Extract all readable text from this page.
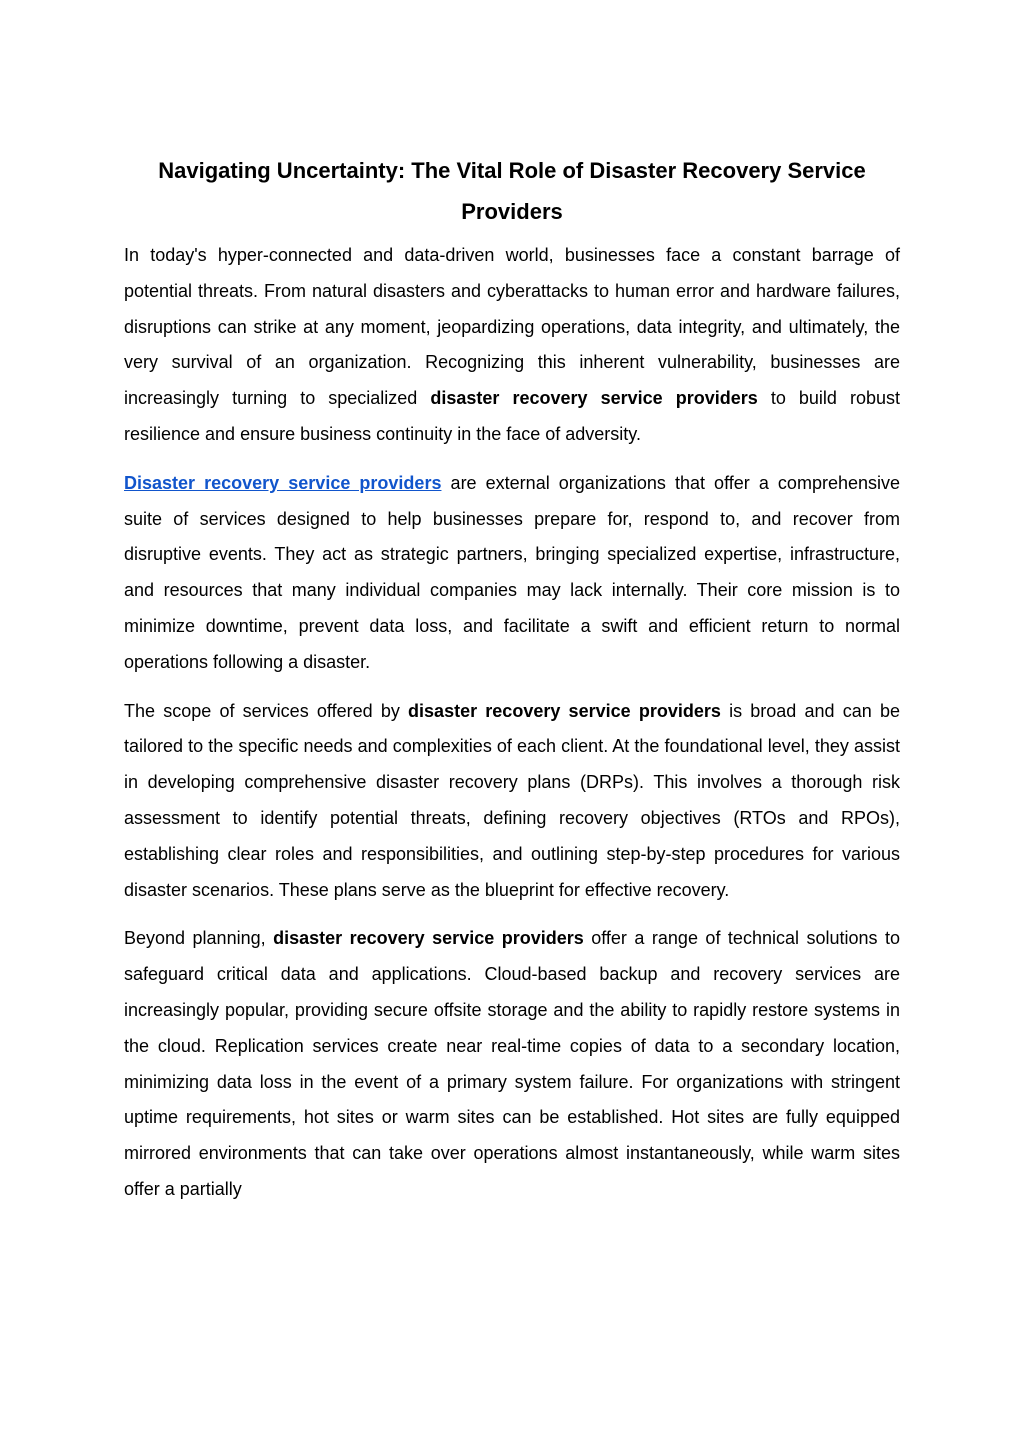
Navigating Uncertainty: The Vital Role of Disaster Recovery Service Providers

In today's hyper-connected and data-driven world, businesses face a constant barrage of potential threats. From natural disasters and cyberattacks to human error and hardware failures, disruptions can strike at any moment, jeopardizing operations, data integrity, and ultimately, the very survival of an organization. Recognizing this inherent vulnerability, businesses are increasingly turning to specialized disaster recovery service providers to build robust resilience and ensure business continuity in the face of adversity.

Disaster recovery service providers are external organizations that offer a comprehensive suite of services designed to help businesses prepare for, respond to, and recover from disruptive events. They act as strategic partners, bringing specialized expertise, infrastructure, and resources that many individual companies may lack internally. Their core mission is to minimize downtime, prevent data loss, and facilitate a swift and efficient return to normal operations following a disaster.

The scope of services offered by disaster recovery service providers is broad and can be tailored to the specific needs and complexities of each client. At the foundational level, they assist in developing comprehensive disaster recovery plans (DRPs). This involves a thorough risk assessment to identify potential threats, defining recovery objectives (RTOs and RPOs), establishing clear roles and responsibilities, and outlining step-by-step procedures for various disaster scenarios. These plans serve as the blueprint for effective recovery.

Beyond planning, disaster recovery service providers offer a range of technical solutions to safeguard critical data and applications. Cloud-based backup and recovery services are increasingly popular, providing secure offsite storage and the ability to rapidly restore systems in the cloud. Replication services create near real-time copies of data to a secondary location, minimizing data loss in the event of a primary system failure. For organizations with stringent uptime requirements, hot sites or warm sites can be established. Hot sites are fully equipped mirrored environments that can take over operations almost instantaneously, while warm sites offer a partially
